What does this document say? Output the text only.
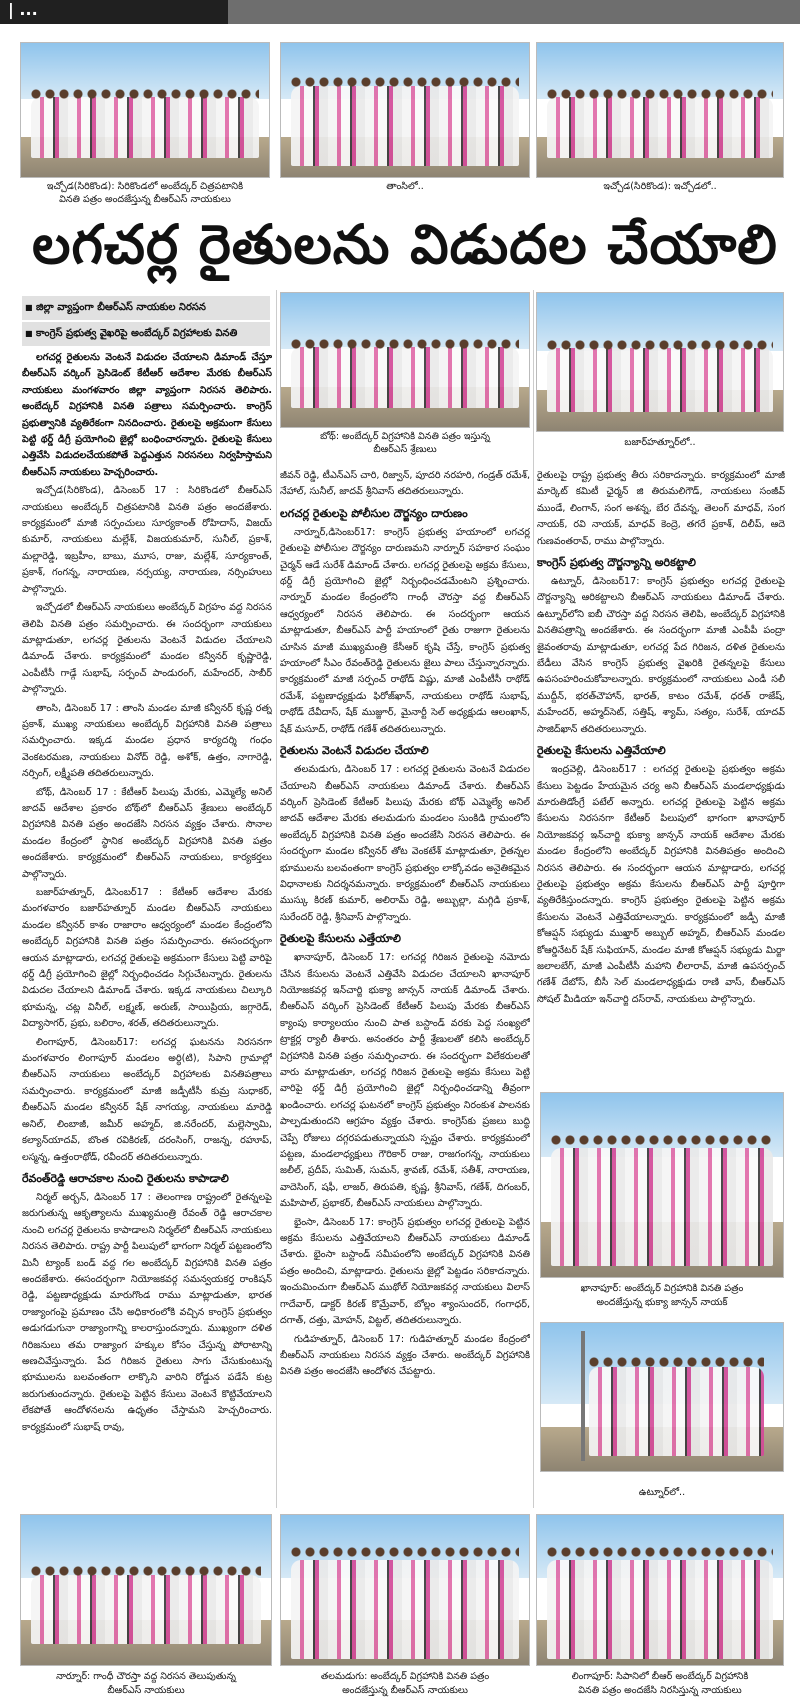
| ...
ఇచ్చోడ(సిరికొండ): సిరికొండలో అంబేద్కర్ చిత్రపటానికి
వినతి పత్రం అందజేస్తున్న బీఆర్ఎస్ నాయకులు
తాంసిలో..	ఇచ్చోడ(సిరికొండ): ఇచ్చోడలో..
లగచర్ల రైతులను విడుదల చేయాలి
■ జిల్లా వ్యాప్తంగా బీఆర్ఎస్ నాయకుల నిరసన
■ కాంగ్రెస్ ప్రభుత్వ వైఖరిపై అంబేద్కర్ విగ్రహాలకు వినతి
బోథ్: అంబేద్కర్ విగ్రహానికి వినతి పత్రం ఇస్తున్న
బీఆర్ఎస్ శ్రేణులు
బజార్‌హత్నూర్‌లో..

లగచర్ల రైతులను వెంటనే విడుదల చేయాలని డిమాండ్ చేస్తూ బీఆర్ఎస్ వర్కింగ్ ప్రెసిడెంట్ కేటీఆర్ ఆదేశాల మేరకు బీఆర్ఎస్ నాయకులు మంగళవారం జిల్లా వ్యాప్తంగా నిరసన తెలిపారు. అంబేద్కర్ విగ్రహానికి వినతి పత్రాలు సమర్పించారు. కాంగ్రెస్ ప్రభుత్వానికి వ్యతిరేకంగా నినదించారు. రైతులపై అక్రమంగా కేసులు పెట్టి థర్డ్ డిగ్రీ ప్రయోగించి జైల్లో బంధించారన్నారు. రైతులపై కేసులు ఎత్తివేసి విడుదలచేయకపోతే పెద్దఎత్తున నిరసనలు నిర్వహిస్తామని బీఆర్ఎస్ నాయకులు హెచ్చరించారు.

ఇచ్చోడ(సిరికొండ), డిసెంబర్ 17 : సిరికొండలో బీఆర్ఎస్ నాయకులు అంబేద్కర్ చిత్రపటానికి వినతి పత్రం అందజేశారు. కార్యక్రమంలో మాజీ సర్పంచులు సూర్యకాంత్ రోహిదాస్, విజయ్ కుమార్, నాయకులు మల్లేశ్, విజయకుమార్, సునీల్, ప్రకాశ్, మల్లారెడ్డి, ఇబ్రహీం, బాబు, మూస, రాజు, మల్లేశ్, సూర్యకాంత్, ప్రకాశ్, గంగన్న, నారాయణ, నర్సయ్య, నారాయణ, నర్సింహులు పాల్గొన్నారు.

ఇచ్చోడలో బీఆర్ఎస్ నాయకులు అంబేద్కర్ విగ్రహం వద్ద నిరసన తెలిపి వినతి పత్రం సమర్పించారు. ఈ సందర్భంగా నాయకులు మాట్లాడుతూ, లగచర్ల రైతులను వెంటనే విడుదల చేయాలని డిమాండ్ చేశారు. కార్యక్రమంలో మండల కన్వీనర్ కృష్ణారెడ్డి, ఎంపీటీసీ గాడ్గే సుభాష్, సర్పంచ్ పాండురంగ్, మహేందర్, సాబీర్ పాల్గొన్నారు.

తాంసి, డిసెంబర్ 17 : తాంసి మండల మాజీ కన్వీనర్ కృష్ణ రత్న ప్రకాశ్, ముఖ్య నాయకులు అంబేద్కర్ విగ్రహానికి వినతి పత్రాలు సమర్పించారు. ఇక్కడ మండల ప్రధాన కార్యదర్శి గంధం వెంకటరమణ, నాయకులు వినోద్ రెడ్డి, అశోక్, ఉత్తం, నాగారెడ్డి, నర్సింగ్, లక్ష్మీపతి తదితరులున్నారు.

బోథ్, డిసెంబర్ 17 : కేటీఆర్ పిలుపు మేరకు, ఎమ్మెల్యే అనిల్ జాదవ్ ఆదేశాల ప్రకారం బోథ్‌లో బీఆర్ఎస్ శ్రేణులు అంబేద్కర్ విగ్రహానికి వినతి పత్రం అందజేసి నిరసన వ్యక్తం చేశారు. సొనాల మండల కేంద్రంలో స్థానిక అంబేద్కర్ విగ్రహానికి వినతి పత్రం అందజేశారు. కార్యక్రమంలో బీఆర్ఎస్ నాయకులు, కార్యకర్తలు పాల్గొన్నారు.

బజార్‌హత్నూర్, డిసెంబర్17 : కేటీఆర్ ఆదేశాల మేరకు మంగళవారం బజార్‌హత్నూర్ మండల బీఆర్ఎస్ నాయకులు మండల కన్వీనర్ కాశం రాజారాం ఆధ్వర్యంలో మండల కేంద్రంలోని అంబేద్కర్ విగ్రహానికి వినతి పత్రం సమర్పించారు. ఈసందర్భంగా ఆయన మాట్లాడారు, లగచర్ల రైతులపై అక్రమంగా కేసులు పెట్టి వారిపై థర్డ్ డిగ్రీ ప్రయోగించి జైల్లో నిర్బంధించడం సిగ్గుచేటన్నారు. రైతులను విడుదల చేయాలని డిమాండ్ చేశారు. ఇక్కడ నాయకులు చిల్కూరి భూమన్న, చట్ల వినీల్, లక్ష్మణ్, అరుణ్, సాయిప్రియ, జగ్గారెడ్, విద్యాసాగర్, ప్రభు, బలిరాం, శరత్, తదితరులున్నారు.

లింగాపూర్, డిసెంబర్17: లగచర్ల ఘటనను నిరసనగా మంగళవారం లింగాపూర్ మండలం అర్ధి(టి), సిపాని గ్రామాల్లో బీఆర్ఎస్ నాయకులు అంబేద్కర్ విగ్రహాలకు వినతిపత్రాలు సమర్పించారు. కార్యక్రమంలో మాజీ జడ్పీటీసీ కుమ్ర సుధాకర్, బీఆర్ఎస్ మండల కన్వీనర్ షేక్ నాగయ్య, నాయకులు మారెడ్డి అనిల్, లింబాజీ, జమీర్ అహ్మద్, జి.నరేందర్, మల్లెస్వామి, కల్యాన్‌యాదవ్, బొంత రవికిరణ్, దరంసింగ్, రాజన్న, రహూప్, లస్మన్న, ఉత్తంరాథోడ్, రవీందర్ తదితరులున్నారు.

రేవంత్‌రెడ్డి ఆరాచకాల నుంచి రైతులను కాపాడాలి

నిర్మల్ అర్బన్, డిసెంబర్ 17 : తెలంగాణ రాష్ట్రంలో రైతన్నలపై జరుగుతున్న ఆకృత్యాలను ముఖ్యమంత్రి రేవంత్ రెడ్డి ఆరాచకాల నుంచి లగచర్ల రైతులను కాపాడాలని నిర్మల్‌లో బీఆర్ఎస్ నాయకులు నిరసన తెలిపారు. రాష్ట్ర పార్టీ పిలుపులో భాగంగా నిర్మల్ పట్టణంలోని మినీ ట్యాంక్ బండ్ వద్ద గల అంబేద్కర్ విగ్రహానికి వినతి పత్రం అందజేశారు. ఈసందర్భంగా నియోజకవర్గ సమన్వయకర్త రాంకిషన్ రెడ్డి, పట్టణాధ్యక్షుడు మారుగొండ రాము మాట్లాడుతూ, భారత రాజ్యాంగంపై ప్రమాణం చేసి అధికారంలోకి వచ్చిన కాంగ్రెస్ ప్రభుత్వం అడుగడుగునా రాజ్యాంగాన్ని కాలరాస్తుందన్నారు. ముఖ్యంగా దళిత గిరిజనులు తమ రాజ్యాంగ హక్కుల కోసం చేస్తున్న పోరాటాన్ని అణచివేస్తున్నారు. పేద గిరిజన రైతులు సాగు చేసుకుంటున్న భూములను బలవంతంగా లాక్కొని వారిని రోడ్డున పడేసే కుట్ర జరుగుతుందన్నారు. రైతులపై పెట్టిన కేసులు వెంటనే కొట్టివేయాలని లేకపోతే ఆందోళనలను ఉధృతం చేస్తామని హెచ్చరించారు. కార్యక్రమంలో సుభాష్ రావు,

జీవన్ రెడ్డి, టీఎన్ఎస్ చారి, రిజ్వాన్, పూదరి నరహరి, గండ్రత్ రమేశ్, నేహాల్, సునీల్, జాదవ్ శ్రీనివాస్ తదితరులున్నారు.

లగచర్ల రైతులపై పోలీసుల దౌర్జన్యం దారుణం

నార్నూర్,డిసెంబర్17: కాంగ్రెస్ ప్రభుత్వ హయాంలో లగచర్ల రైతులపై పోలీసుల దౌర్జన్యం దారుణమని నార్నూర్ సహకార సంఘం చైర్మన్ ఆడే సురేశ్ డిమాండ్ చేశారు. లగచర్ల రైతులపై అక్రమ కేసులు, థర్డ్ డిగ్రీ ప్రయోగించి జైల్లో నిర్బంధించడమేంటని ప్రశ్నించారు. నార్నూర్ మండల కేంద్రంలోని గాంధీ చౌరస్తా వద్ద బీఆర్ఎస్ ఆధ్వర్యంలో నిరసన తెలిపారు. ఈ సందర్భంగా ఆయన మాట్లాడుతూ, బీఆర్ఎస్ పార్టీ హయాంలో రైతు రాజుగా రైతులను చూసిన మాజీ ముఖ్యమంత్రి కేసీఆర్ కృషి చేస్తే, కాంగ్రెస్ ప్రభుత్వ హయాంలో సీఎం రేవంత్‌రెడ్డి రైతులను జైలు పాలు చేస్తున్నారన్నారు. కార్యక్రమంలో మాజీ సర్పంచ్ రాథోడ్ విష్ణు, మాజీ ఎంపీటీసీ రాథోడ్ రమేశ్, పట్టణాధ్యక్షుడు ఫిరోజ్‌ఖాన్, నాయకులు రాథోడ్ సుభాష్, రాథోడ్ దేవీదాస్, షేక్ ముజ్జూర్, మైనార్టీ సెల్ అధ్యక్షుడు ఆలంఖాన్, షేక్ మసూద్, రాథోడ్ గణేశ్ తదితరులున్నారు.

రైతులను వెంటనే విడుదల చేయాలి

తలమడుగు, డిసెంబర్ 17 : లగచర్ల రైతులను వెంటనే విడుదల చేయాలని బీఆర్ఎస్ నాయకులు డిమాండ్ చేశారు. బీఆర్ఎస్ వర్కింగ్ ప్రెసిడెంట్ కేటీఆర్ పిలుపు మేరకు బోథ్ ఎమ్మెల్యే అనిల్ జాదవ్ ఆదేశాల మేరకు తలమడుగు మండలం సుంకిడి గ్రామంలోని అంబేద్కర్ విగ్రహానికి వినతి పత్రం అందజేసి నిరసన తెలిపారు. ఈ సందర్భంగా మండల కన్వీనర్ తోట వెంకటేశ్ మాట్లాడుతూ, రైతన్నల భూములను బలవంతంగా కాంగ్రెస్ ప్రభుత్వం లాక్కోవడం అనైతికమైన విధానాలకు నిదర్శనమన్నారు. కార్యక్రమంలో బీఆర్ఎస్ నాయకులు ముస్కు కిరణ్ కుమార్, అలిరామ్ రెడ్డి, అబ్బుల్లా, మగ్గిడి ప్రకాశ్, సురేందర్ రెడ్డి, శ్రీనివాస్ పాల్గొన్నారు.

రైతులపై కేసులను ఎత్తేయాలి

ఖానాపూర్, డిసెంబర్ 17: లగచర్ల గిరిజన రైతులపై నమోదు చేసిన కేసులను వెంటనే ఎత్తివేసి విడుదల చేయాలని ఖానాపూర్ నియోజకవర్గ ఇన్‌చార్జి భుక్యా జాన్సన్ నాయక్ డిమాండ్ చేశారు. బీఆర్ఎస్ వర్కింగ్ ప్రెసిడెంట్ కేటీఆర్ పిలుపు మేరకు బీఆర్ఎస్ క్యాంపు కార్యాలయం నుంచి పాత బస్టాండ్ వరకు పెద్ద సంఖ్యలో ట్రాక్టర్ల ర్యాలీ తీశారు. అనంతరం పార్టీ శ్రేణులతో కలిసి అంబేద్కర్ విగ్రహానికి వినతి పత్రం సమర్పించారు. ఈ సందర్భంగా విలేకరులతో వారు మాట్లాడుతూ, లగచర్ల గిరిజన రైతులపై అక్రమ కేసులు పెట్టి వారిపై థర్డ్ డిగ్రీ ప్రయోగించి జైల్లో నిర్బంధించడాన్ని తీవ్రంగా ఖండించారు. లగచర్ల ఘటనలో కాంగ్రెస్ ప్రభుత్వం నిరంకుశ పాలనకు పాల్పడుతుందని ఆగ్రహం వ్యక్తం చేశారు. కాంగ్రెస్‌కు ప్రజలు బుద్ధి చెప్పే రోజులు దగ్గరపడుతున్నాయని స్పష్టం చేశారు. కార్యక్రమంలో పట్టణ, మండలాధ్యక్షులు గౌరికార్ రాజు, రాజగంగన్న, నాయకులు జలీల్, ప్రదీప్, సుమిత్, సుమన్, శ్రావణ్, రమేశ్, సతీశ్, నారాయణ, వాదెసింగ్, షఫీ, లాజర్, తిరుపతి, కృష్ణ, శ్రీనివాస్, గణేశ్, దిగంబర్, మహిపాల్, ప్రభాకర్, బీఆర్ఎస్ నాయకులు పాల్గొన్నారు.

భైంసా, డిసెంబర్ 17: కాంగ్రెస్ ప్రభుత్వం లగచర్ల రైతులపై పెట్టిన అక్రమ కేసులను ఎత్తివేయాలని బీఆర్ఎస్ నాయకులు డిమాండ్ చేశారు. భైంసా బస్టాండ్ సమీపంలోని అంబేద్కర్ విగ్రహానికి వినతి పత్రం అందించి, మాట్లాడారు. రైతులను జైల్లో పెట్టడం సరికాదన్నారు. ఇంచుమించుగా బీఆర్ఎస్ ముథోల్ నియోజకవర్గ నాయకులు విలాస్ గాదేవార్, డాక్టర్ కిరణ్ కొమ్రేవార్, బోల్లం శ్యాంసుందర్, గంగాధర్, దగాత్, దత్తు, మోహన్, విట్టల్, తదితరులున్నారు.

గుడిహత్నూర్, డిసెంబర్ 17: గుడిహత్నూర్ మండల కేంద్రంలో బీఆర్ఎస్ నాయకులు నిరసన వ్యక్తం చేశారు. అంబేద్కర్ విగ్రహానికి వినతి పత్రం అందజేసి ఆందోళన చేపట్టారు.

రైతులపై రాష్ట్ర ప్రభుత్వ తీరు సరికాదన్నారు. కార్యక్రమంలో మాజీ మార్కెట్ కమిటీ ఛైర్మన్ జి తిరుమలిగౌడ్, నాయకులు సంజీవ్ ముండే, లింగాన్, సంగ అశన్న, బేర దేవన్న, తెలంగ్ మాధవ్, సంగ నాయక్, రవి నాయక్, మాధవ్ కెంద్రె, తగరే ప్రకాశ్, దిలీప్, ఆదె గుణవంతరావ్, రాము పాల్గొన్నారు.

కాంగ్రెస్ ప్రభుత్వ దౌర్జన్యాన్ని అరికట్టాలి

ఉట్నూర్, డిసెంబర్17: కాంగ్రెస్ ప్రభుత్వం లగచర్ల రైతులపై దౌర్జన్యాన్ని ఆరికట్టాలని బీఆర్ఎస్ నాయకులు డిమాండ్ చేశారు. ఉట్నూర్‌లోని ఐబీ చౌరస్తా వద్ద నిరసన తెలిపి, అంబేద్కర్ విగ్రహానికి వినతిపత్రాన్ని అందజేశారు. ఈ సందర్భంగా మాజీ ఎంపీపీ పంద్రా జైవంతరావు మాట్లాడుతూ, లగచర్ల పేద గిరిజన, దళిత రైతులను బేడీలు వేసిన కాంగ్రెస్ ప్రభుత్వ వైఖరికి రైతన్నలపై కేసులు ఉపసంహరించుకోవాలన్నారు. కార్యక్రమంలో నాయకులు ఎండీ సలీ ముద్దీన్, భరత్‌చౌహాన్, భారత్, కాటం రమేశ్, ధరత్ రాజేష్, మహేందర్, అహ్మద్‌సెట్, సత్తిష్, శ్యామ్, సత్యం, సురేశ్, యాదవ్ సాజిద్‌ఖాన్ తదితరులున్నారు.

రైతులపై కేసులను ఎత్తివేయాలి

ఇంద్రవెల్లి, డిసెంబర్17 : లగచర్ల రైతులపై ప్రభుత్వం అక్రమ కేసులు పెట్టడం హేయమైన చర్య అని బీఆర్ఎస్ మండలాధ్యక్షుడు మారుతిడోంగ్రే పటేల్ అన్నారు. లగచర్ల రైతులపై పెట్టిన అక్రమ కేసులను నిరసనగా కేటీఆర్ పిలుపులో భాగంగా ఖానాపూర్ నియోజకవర్గ ఇన్‌చార్జి భుక్యా జాన్సన్ నాయక్ ఆదేశాల మేరకు మండల కేంద్రంలోని అంబేద్కర్ విగ్రహానికి వినతిపత్రం అందించి నిరసన తెలిపారు. ఈ సందర్భంగా ఆయన మాట్లాడారు, లగచర్ల రైతులపై ప్రభుత్వం అక్రమ కేసులను బీఆర్ఎస్ పార్టీ పూర్తిగా వ్యతిరేకిస్తుందన్నారు. కాంగ్రెస్ ప్రభుత్వం రైతులపై పెట్టిన అక్రమ కేసులను వెంటనే ఎత్తివేయాలన్నారు. కార్యక్రమంలో జడ్పీ మాజీ కోఆప్షన్ సభ్యుడు ముఖ్తార్ అబ్బుల్ అహ్మద్, బీఆర్ఎస్ మండల కోఆర్డినేటర్ షేక్ సుఫియాన్, మండల మాజీ కోఆప్షన్ సభ్యుడు మిర్జా జలాలబేగ్, మాజీ ఎంపీటీసీ మహాని లీలారావ్, మాజీ ఉపసర్పంచ్ గణేశ్ దేబోస్, బీసీ సెల్ మండలాధ్యక్షుడు రాణి వాస్, బీఆర్ఎస్ సోషల్ మీడియా ఇన్‌చార్జి దస్‌రావ్, నాయకులు పాల్గొన్నారు.

ఖానాపూర్: అంబేద్కర్ విగ్రహానికి వినతి పత్రం
అందజేస్తున్న భుక్యా జాన్సన్ నాయక్
ఉట్నూర్‌లో..
నార్నూర్: గాంధీ చౌరస్తా వద్ద నిరసన తెలుపుతున్న
బీఆర్ఎస్ నాయకులు
తలమడుగు: అంబేద్కర్ విగ్రహానికి వినతి పత్రం
అందజేస్తున్న బీఆర్ఎస్ నాయకులు
లింగాపూర్: సిపానిలో బీఆర్ అంబేద్కర్ విగ్రహానికి
వినతి పత్రం అందజేసి నిరసిస్తున్న నాయకులు
